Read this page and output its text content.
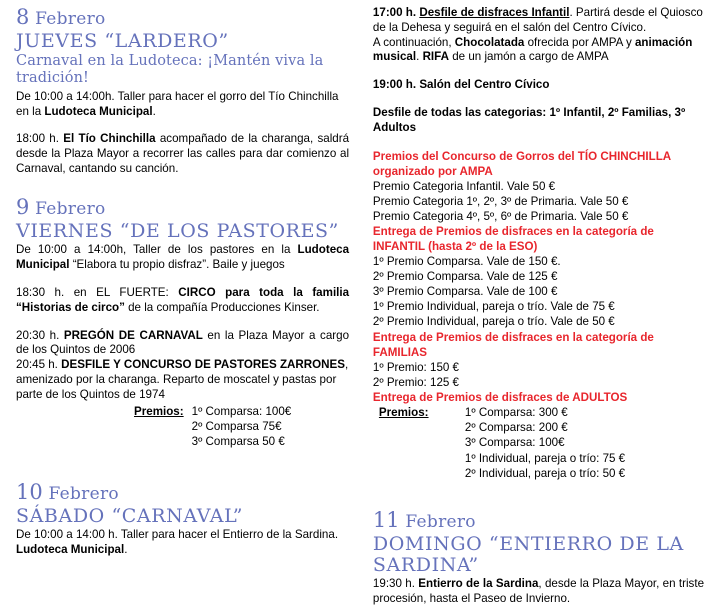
8 Febrero
JUEVES “LARDERO”
Carnaval en la Ludoteca: ¡Mantén viva la tradición!

De 10:00 a 14:00h. Taller para hacer el gorro del Tío Chinchilla en la Ludoteca Municipal.

18:00 h. El Tío Chinchilla acompañado de la charanga, saldrá desde la Plaza Mayor a recorrer las calles para dar comienzo al Carnaval, cantando su canción.

9 Febrero
VIERNES “DE LOS PASTORES”

De 10:00 a 14:00h, Taller de los pastores en la Ludoteca Municipal “Elabora tu propio disfraz”. Baile y juegos

18:30 h. en EL FUERTE: CIRCO para toda la familia “Historias de circo” de la compañía Producciones Kinser.

20:30 h. PREGÓN DE CARNAVAL en la Plaza Mayor a cargo de los Quintos de 2006

20:45 h. DESFILE Y CONCURSO DE PASTORES ZARRONES, amenizado por la charanga. Reparto de moscatel y pastas por parte de los Quintos de 1974

Premios: 1º Comparsa: 100€
2º Comparsa 75€
3º Comparsa 50 €
10 Febrero
SÁBADO “CARNAVAL”

De 10:00 a 14:00 h. Taller para hacer el Entierro de la Sardina. Ludoteca Municipal.

17:00 h. Desfile de disfraces Infantil. Partirá desde el Quiosco de la Dehesa y seguirá en el salón del Centro Cívico.
A continuación, Chocolatada ofrecida por AMPA y animación musical. RIFA de un jamón a cargo de AMPA

19:00 h. Salón del Centro Cívico

Desfile de todas las categorias: 1º Infantil, 2º Familias, 3º Adultos

Premios del Concurso de Gorros del TÍO CHINCHILLA organizado por AMPA
Premio Categoria Infantil. Vale 50 €
Premio Categoria 1º, 2º, 3º de Primaria. Vale 50 €
Premio Categoria 4º, 5º, 6º de Primaria. Vale 50 €
Entrega de Premios de disfraces en la categoría de INFANTIL (hasta 2º de la ESO)
1º Premio Comparsa. Vale de 150 €.
2º Premio Comparsa. Vale de 125 €
3º Premio Comparsa. Vale de 100 €
1º Premio Individual, pareja o trío. Vale de 75 €
2º Premio Individual, pareja o trío. Vale de 50 €
Entrega de Premios de disfraces en la categoría de FAMILIAS
1º Premio: 150 €
2º Premio: 125 €
Entrega de Premios de disfraces de ADULTOS
Premios:	1º Comparsa: 300 €
2º Comparsa: 200 €
3º Comparsa: 100€
1º Individual, pareja o trío: 75 €
2º Individual, pareja o trío: 50 €
11 Febrero
DOMINGO “ENTIERRO DE LA SARDINA”

19:30 h. Entierro de la Sardina, desde la Plaza Mayor, en triste procesión, hasta el Paseo de Invierno.
